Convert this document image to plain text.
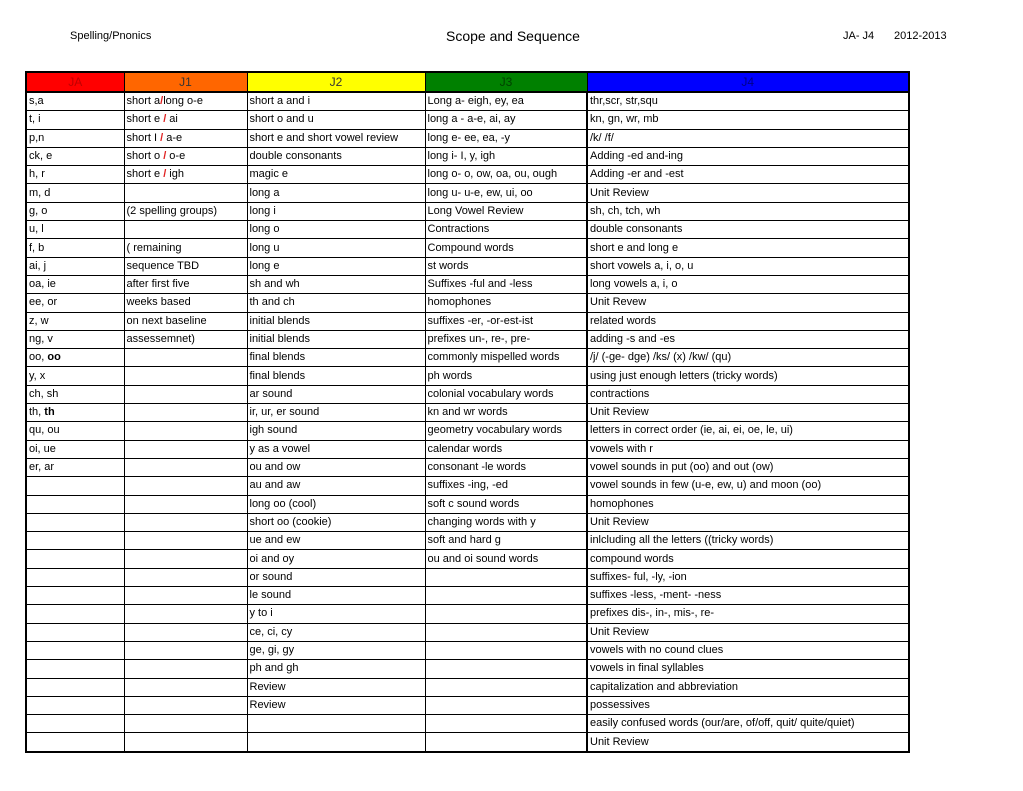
Spelling/Pnonics	Scope and Sequence	JA- J4 2012-2013
JA	J1	J2	J3	J4
s,a	short a/long o-e	short a and i	Long a- eigh, ey, ea	thr,scr, str,squ
t, i	short e / ai	short o and u	long a - a-e, ai, ay	kn, gn, wr, mb
p,n	short I / a-e	short e and short vowel review	long e- ee, ea, -y	/k/ /f/
ck, e	short o / o-e	double consonants	long i- I, y, igh	Adding -ed and-ing
h, r	short e / igh	magic e	long o- o, ow, oa, ou, ough	Adding -er and -est
m, d		long a	long u- u-e, ew, ui, oo	Unit Review
g, o	(2 spelling groups)	long i	Long Vowel Review	sh, ch, tch, wh
u, l		long o	Contractions	double consonants
f, b	( remaining	long u	Compound words	short e and long e
ai, j	sequence TBD	long e	st words	short vowels a, i, o, u
oa, ie	after first five	sh and wh	Suffixes -ful and -less	long vowels a, i, o
ee, or	weeks based	th and ch	homophones	Unit Revew
z, w	on next baseline	initial blends	suffixes -er, -or-est-ist	related words
ng, v	assessemnet)	initial blends	prefixes un-, re-, pre-	adding -s and -es
oo, oo		final blends	commonly mispelled words	/j/ (-ge- dge) /ks/ (x) /kw/ (qu)
y, x		final blends	ph words	using just enough letters (tricky words)
ch, sh		ar sound	colonial vocabulary words	contractions
th, th		ir, ur, er sound	kn and wr words	Unit Review
qu, ou		igh sound	geometry vocabulary words	letters in correct order (ie, ai, ei, oe, le, ui)
oi, ue		y as a vowel	calendar words	vowels with r
er, ar		ou and ow	consonant -le words	vowel sounds in put (oo) and out (ow)
		au and aw	suffixes -ing, -ed	vowel sounds in few (u-e, ew, u) and moon (oo)
		long oo (cool)	soft c sound words	homophones
		short oo (cookie)	changing words with y	Unit Review
		ue and ew	soft and hard g	inlcluding all the letters ((tricky words)
		oi and oy	ou and oi sound words	compound words
		or sound		suffixes- ful, -ly, -ion
		le sound		suffixes -less, -ment- -ness
		y to i		prefixes dis-, in-, mis-, re-
		ce, ci, cy		Unit Review
		ge, gi, gy		vowels with no cound clues
		ph and gh		vowels in final syllables
		Review		capitalization and abbreviation
		Review		possessives
				easily confused words (our/are, of/off, quit/ quite/quiet)
				Unit Review
